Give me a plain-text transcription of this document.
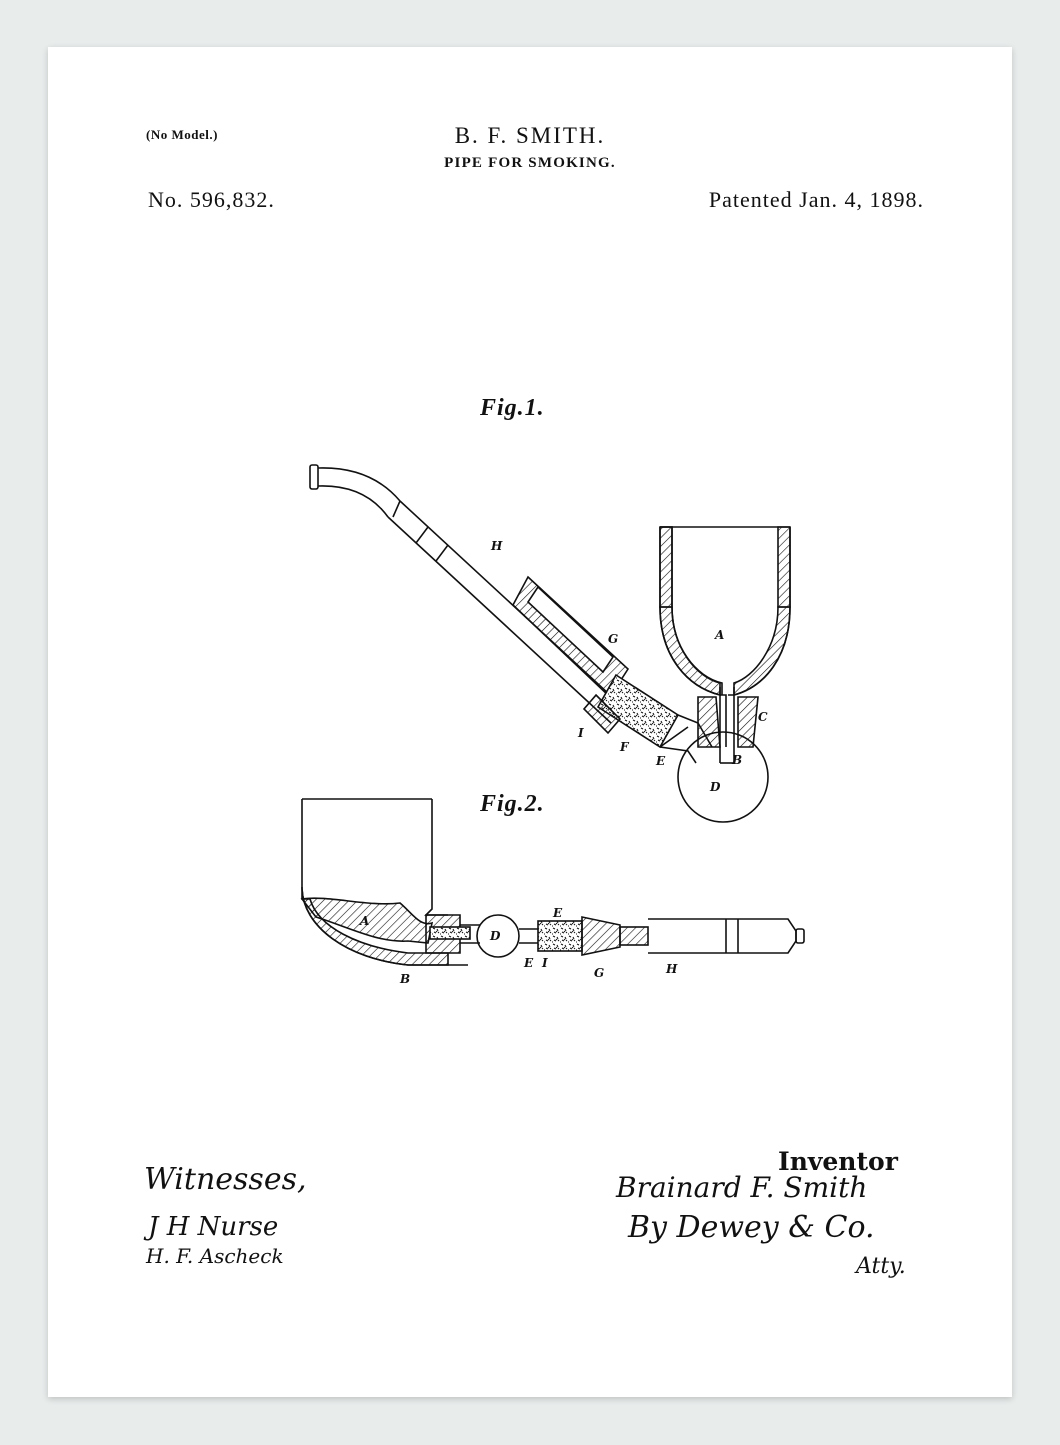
H
G	A
C
I
F
E	B
D
A
B
D
E
E I
G	H
J H Nurse
H. F. Ascheck
Brainard F. Smith
By Dewey & Co.
Atty.
(No Model.)	B. F. SMITH.
PIPE FOR SMOKING.
No. 596,832.	Patented Jan. 4, 1898.
Fig.1.
Fig.2.
Witnesses,
Inventor
